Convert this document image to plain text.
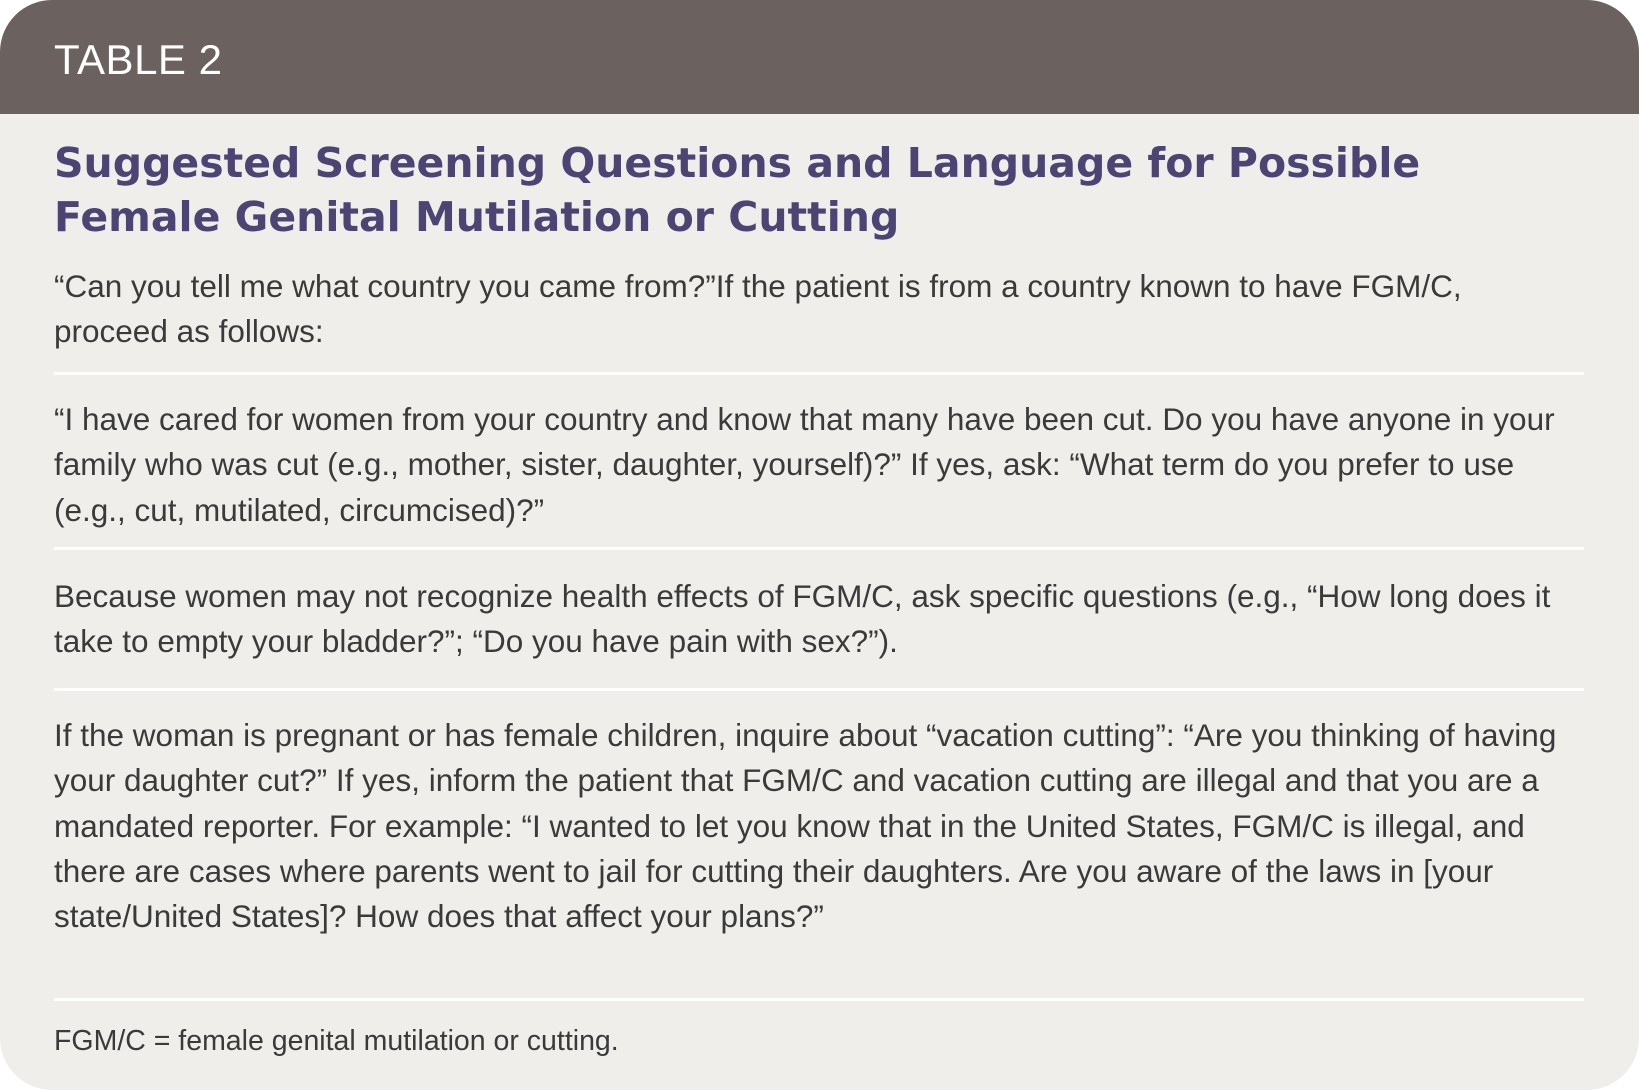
TABLE 2
Suggested Screening Questions and Language for Possible Female Genital Mutilation or Cutting

“Can you tell me what country you came from?”If the patient is from a country known to have FGM/C, proceed as follows:

“I have cared for women from your country and know that many have been cut. Do you have anyone in your family who was cut (e.g., mother, sister, daughter, yourself)?” If yes, ask: “What term do you prefer to use (e.g., cut, mutilated, circumcised)?”

Because women may not recognize health effects of FGM/C, ask specific questions (e.g., “How long does it take to empty your bladder?”; “Do you have pain with sex?”).

If the woman is pregnant or has female children, inquire about “vacation cutting”: “Are you thinking of having your daughter cut?” If yes, inform the patient that FGM/C and vacation cutting are illegal and that you are a mandated reporter. For example: “I wanted to let you know that in the United States, FGM/C is illegal, and there are cases where parents went to jail for cutting their daughters. Are you aware of the laws in [your state/United States]? How does that affect your plans?”

FGM/C = female genital mutilation or cutting.
